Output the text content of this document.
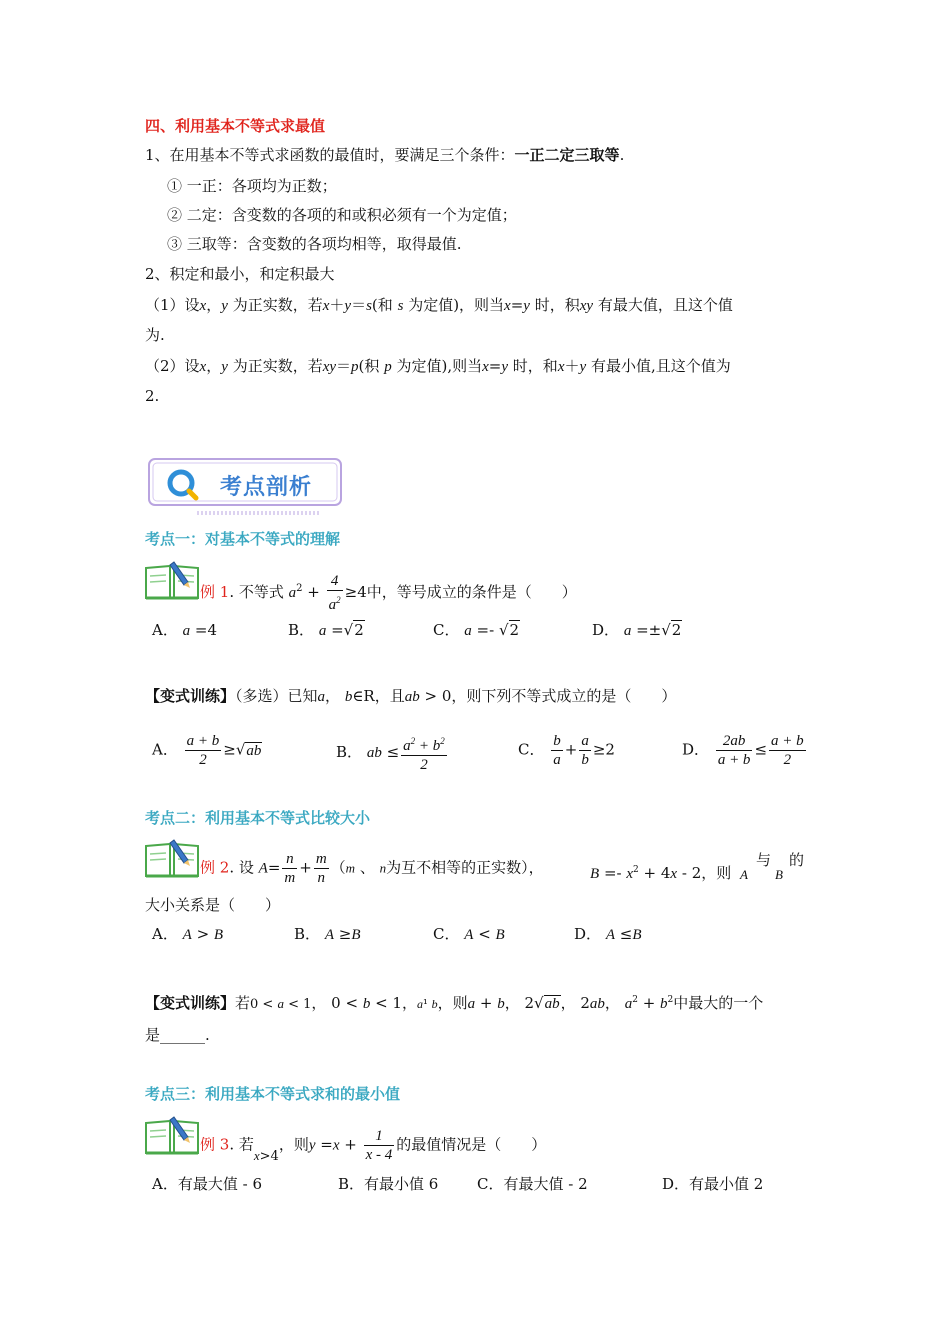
四、利用基本不等式求最值
1、在用基本不等式求函数的最值时，要满足三个条件：一正二定三取等.
① 一正：各项均为正数；
② 二定：含变数的各项的和或积必须有一个为定值；
③ 三取等：含变数的各项均相等，取得最值.
2、积定和最小，和定积最大
（1）设x，y 为正实数，若x＋y＝s(和 s 为定值)，则当x=y 时，积xy 有最大值，且这个值
为.
（2）设x，y 为正实数，若xy＝p(积 p 为定值),则当x=y 时，和x＋y 有最小值,且这个值为
2.
考点剖析
考点一：对基本不等式的理解
例 1. 不等式 $a^2 + \frac{4}{a^2} \ge 4$中，等号成立的条件是（　　）
A． a =4	B． a =√2	C． a =- √2	D． a =±√2
【变式训练】（多选）已知a， b∈R，且ab > 0，则下列不等式成立的是（　　）
A． $\frac{a + b}{2} \ge√ab$	B． ab ≤ $\frac{a^2 + b^2}{2}$	C． $\frac{b}{a} + \frac{a}{b} \ge 2$	D． $\frac{2ab}{a + b} \le \frac{a + b}{2}$
考点二：利用基本不等式比较大小
例 2. 设 $A= \frac{n}{m} + \frac{m}{n} (m$ 、 n为互不相等的正实数），	$B =- x^2 + 4x - 2$，则 A
与
B
的
大小关系是（　　）
A． A > B	B． A ≥B	C． A < B	D． A ≤B
【变式训练】若0 < a < 1， 0 < b < 1，a¹ b，则a + b， 2√ab， 2ab， $a^2 + b^2$中最大的一个
是______.
考点三：利用基本不等式求和的最小值
例 3. 若x>4，则$y =x + \frac{1}{x - 4}$ 的最值情况是（　　）
A．有最大值 - 6	B．有最小值 6	C．有最大值 - 2	D．有最小值 2
